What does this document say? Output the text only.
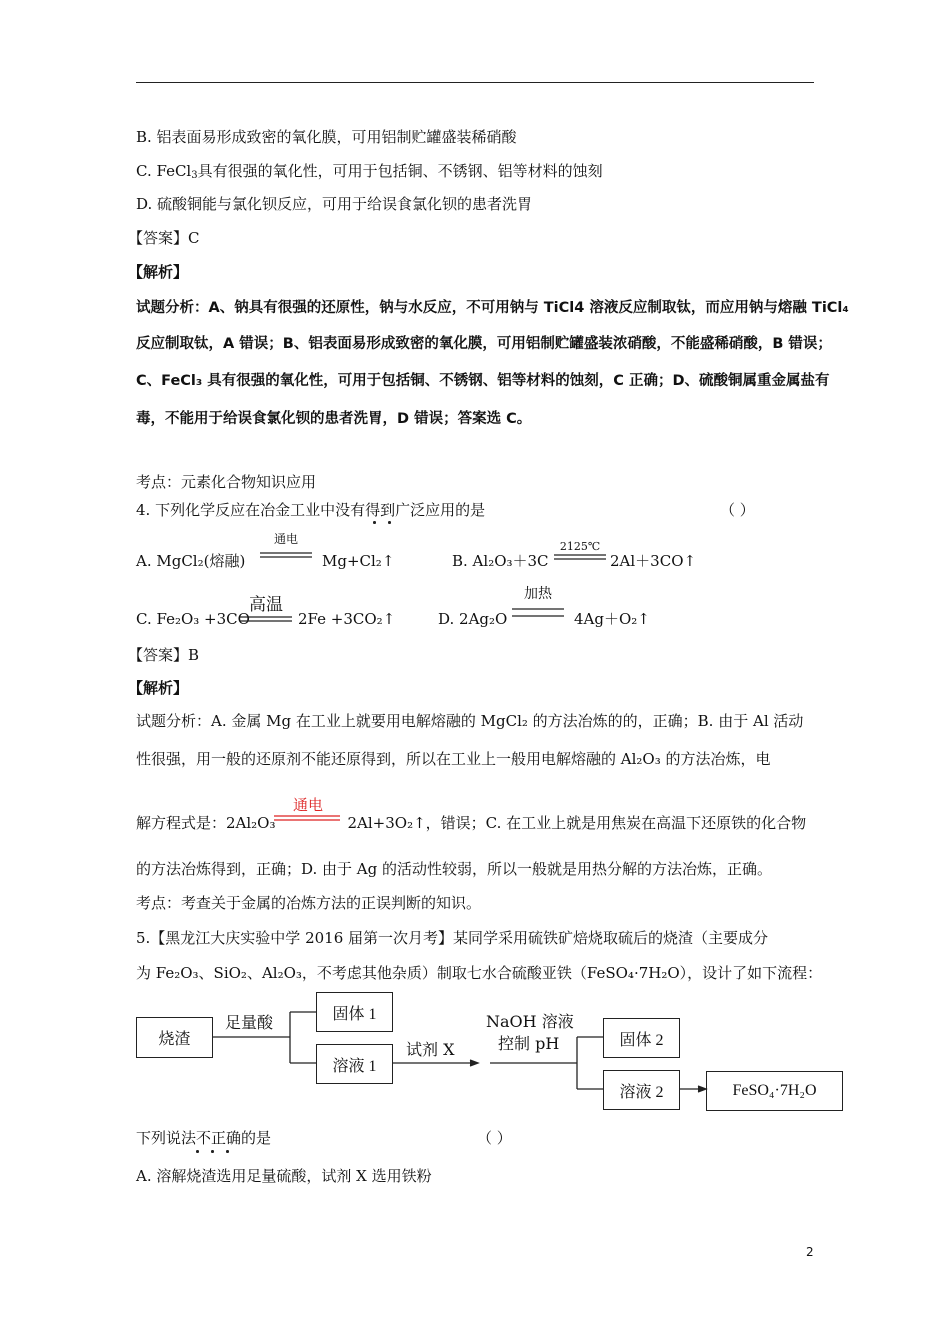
B. 铝表面易形成致密的氧化膜，可用铝制贮罐盛装稀硝酸
C. FeCl$_3$具有很强的氧化性，可用于包括铜、不锈钢、铝等材料的蚀刻
D. 硫酸铜能与氯化钡反应，可用于给误食氯化钡的患者洗胃
【答案】C
【解析】
试题分析：A、钠具有很强的还原性，钠与水反应，不可用钠与 TiCl4 溶液反应制取钛，而应用钠与熔融 TiCl₄
反应制取钛，A 错误；B、铝表面易形成致密的氧化膜，可用铝制贮罐盛装浓硝酸，不能盛稀硝酸，B 错误；
C、FeCl₃ 具有很强的氧化性，可用于包括铜、不锈钢、铝等材料的蚀刻，C 正确；D、硫酸铜属重金属盐有
毒，不能用于给误食氯化钡的患者洗胃，D 错误；答案选 C。
考点：元素化合物知识应用
4. 下列化学反应在冶金工业中没有得到广泛应用的是	（ ）
A. MgCl₂(熔融)
通电
Mg+Cl₂↑	B. Al₂O₃＋3C
2125℃
2Al＋3CO↑
C. Fe₂O₃ +3CO
高温
2Fe +3CO₂↑	D. 2Ag₂O
加热
4Ag＋O₂↑
【答案】B
【解析】
试题分析：A. 金属 Mg 在工业上就要用电解熔融的 MgCl₂ 的方法冶炼的的，正确；B. 由于 Al 活动
性很强，用一般的还原剂不能还原得到，所以在工业上一般用电解熔融的 Al₂O₃ 的方法冶炼，电
解方程式是：2Al₂O₃	2Al+3O₂↑，错误；C. 在工业上就是用焦炭在高温下还原铁的化合物
通电
的方法冶炼得到，正确；D. 由于 Ag 的活动性较弱，所以一般就是用热分解的方法冶炼，正确。
考点：考查关于金属的冶炼方法的正误判断的知识。
5.【黑龙江大庆实验中学 2016 届第一次月考】某同学采用硫铁矿焙烧取硫后的烧渣（主要成分
为 Fe₂O₃、SiO₂、Al₂O₃，不考虑其他杂质）制取七水合硫酸亚铁（FeSO₄·7H₂O），设计了如下流程：
烧渣
足量酸	固体 1
溶液 1
试剂 X
NaOH 溶液
控制 pH	固体 2
溶液 2	FeSO₄·7H₂O
下列说法不正确的是	（ ）
A. 溶解烧渣选用足量硫酸，试剂 X 选用铁粉
2
